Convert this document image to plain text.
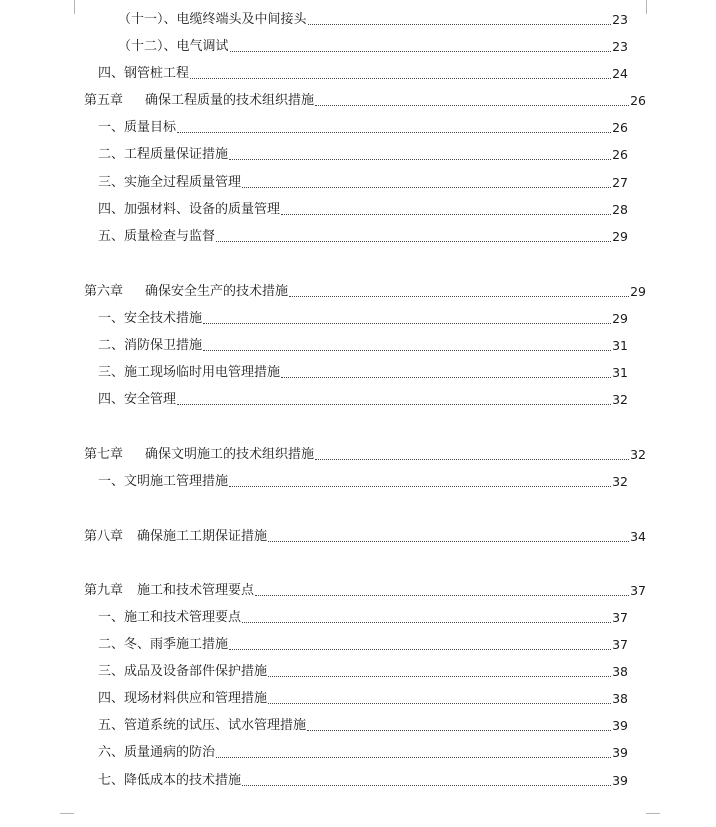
（十一）、电缆终端头及中间接头	23
（十二）、电气调试	23
四、钢管桩工程	24
第五章 确保工程质量的技术组织措施	26
一、质量目标	26
二、工程质量保证措施	26
三、实施全过程质量管理	27
四、加强材料、设备的质量管理	28
五、质量检查与监督	29
第六章 确保安全生产的技术措施	29
一、安全技术措施	29
二、消防保卫措施	31
三、施工现场临时用电管理措施	31
四、安全管理	32
第七章 确保文明施工的技术组织措施	32
一、文明施工管理措施	32
第八章 确保施工工期保证措施	34
第九章 施工和技术管理要点	37
一、施工和技术管理要点	37
二、冬、雨季施工措施	37
三、成品及设备部件保护措施	38
四、现场材料供应和管理措施	38
五、管道系统的试压、试水管理措施	39
六、质量通病的防治	39
七、降低成本的技术措施	39
